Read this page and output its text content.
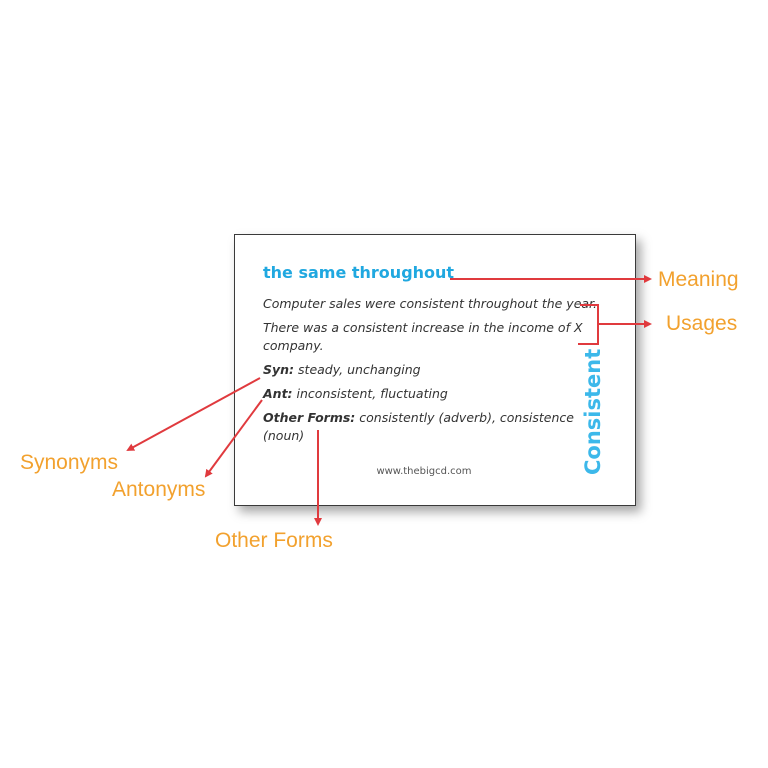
the same throughout
Computer sales were consistent throughout the year.
There was a consistent increase in the income of X
company.
Syn: steady, unchanging
Ant: inconsistent, fluctuating
Other Forms: consistently (adverb), consistence
(noun)
www.thebigcd.com	Consistent
Meaning
Usages
Synonyms
Antonyms
Other Forms
